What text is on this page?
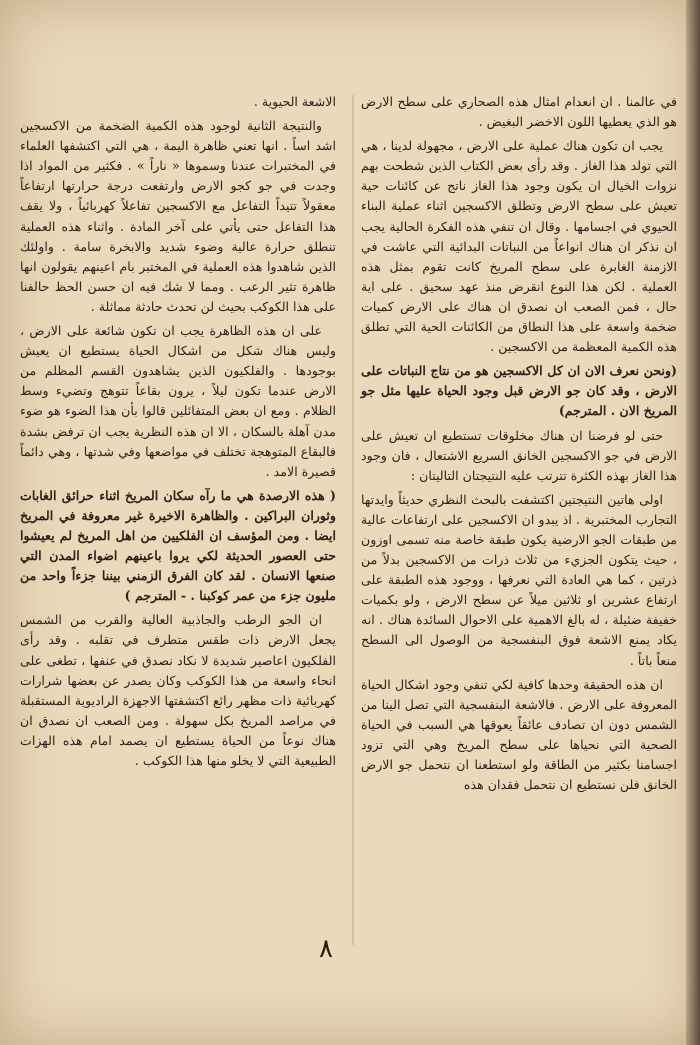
في عالمنا . ان انعدام امثال هذه الصحاري على سطح الارض هو الذي يعطيها اللون الاخضر البغيض .

يجب ان تكون هناك عملية على الارض ، مجهولة لدينا ، هي التي تولد هذا الغاز . وقد رأى بعض الكتاب الذين شطحت بهم نزوات الخيال ان يكون وجود هذا الغاز ناتج عن كائنات حية تعيش على سطح الارض وتطلق الاكسجين اثناء عملية البناء الحيوي في اجسامها . وقال ان تنفي هذه الفكرة الحالية يجب ان نذكر ان هناك انواعاً من النباتات البدائية التي عاشت في الازمنة الغابرة على سطح المريخ كانت تقوم بمثل هذه العملية . لكن هذا النوع انقرض منذ عهد سحيق . على اية حال ، فمن الصعب ان نصدق ان هناك على الارض كميات ضخمة واسعة على هذا النطاق من الكائنات الحية التي تطلق هذه الكمية المعظمة من الاكسجين .

(ونحن نعرف الان ان كل الاكسجين هو من نتاج النباتات على الارض ، وقد كان جو الارض قبل وجود الحياة عليها مثل جو المريخ الان . المترجم)

حتى لو فرضنا ان هناك مخلوقات تستطيع ان تعيش على الارض في جو الاكسجين الخانق السريع الاشتعال ، فان وجود هذا الغاز بهذه الكثرة تترتب عليه النتيجتان التاليتان :

اولى هاتين النتيجتين اكتشفت بالبحث النظري حديثاً وايدتها التجارب المختبرية . اذ يبدو ان الاكسجين على ارتفاعات عالية من طبقات الجو الارضية يكون طبقة خاصة منه تسمى اوزون ، حيث يتكون الجزيء من ثلاث ذرات من الاكسجين بدلاً من ذرتين ، كما هي العادة التي نعرفها ، ووجود هذه الطبقة على ارتفاع عشرين او ثلاثين ميلاً عن سطح الارض ، ولو بكميات خفيفة ضئيلة ، له بالغ الاهمية على الاحوال السائدة هناك . انه يكاد يمنع الاشعة فوق البنفسجية من الوصول الى السطح منعاً باتاً .

ان هذه الحقيقة وحدها كافية لكي تنفي وجود اشكال الحياة المعروفة على الارض . فالاشعة البنفسجية التي تصل الينا من الشمس دون ان تصادف عائقاً يعوقها هي السبب في الحياة الصحية التي نحياها على سطح المريخ وهي التي تزود اجسامنا بكثير من الطاقة ولو استطعنا ان نتحمل جو الارض الخانق فلن نستطيع ان نتحمل فقدان هذه

الاشعة الحيوية .

والنتيجة الثانية لوجود هذه الكمية الضخمة من الاكسجين اشد اساً . انها تعني ظاهرة اليمة ، هي التي اكتشفها العلماء في المختبرات عندنا وسموها « ناراً » . فكثير من المواد اذا وجدت في جو كجو الارض وارتفعت درجة حرارتها ارتفاعاً معقولاً تتيداً التفاعل مع الاكسجين تفاعلاً كهربائياً ، ولا يقف هذا التفاعل حتى يأتي على آخر المادة . واثناء هذه العملية تنطلق حرارة عالية وضوء شديد والابخرة سامة . واولئك الذين شاهدوا هذه العملية في المختبر بام اعينهم يقولون انها ظاهرة تثير الرعب . ومما لا شك فيه ان حسن الحظ حالفنا على هذا الكوكب بحيث لن تحدث حادثة مماثلة .

على ان هذه الظاهرة يجب ان تكون شائعة على الارض ، وليس هناك شكل من اشكال الحياة يستطيع ان يعيش بوجودها . والفلكيون الذين يشاهدون القسم المظلم من الارض عندما تكون ليلاً ، يرون بقاعاً تتوهج وتضيء وسط الظلام . ومع ان بعض المتفائلين قالوا بأن هذا الضوء هو ضوء مدن آهلة بالسكان ، الا ان هذه النظرية يجب ان ترفض بشدة فالبقاع المتوهجة تختلف في مواضعها وفي شدتها ، وهي دائماً قصيرة الامد .

( هذه الارصدة هي ما رآه سكان المريخ اثناء حرائق الغابات وثوران البراكين . والظاهرة الاخيرة غير معروفة في المريخ ايضا . ومن المؤسف ان الفلكيين من اهل المريخ لم يعيشوا حتى العصور الحديثة لكي يروا باعينهم اضواء المدن التي صنعها الانسان . لقد كان الفرق الزمني بيننا جزءاً واحد من مليون جزء من عمر كوكبنا . - المترجم )

ان الجو الرطب والجاذبية العالية والقرب من الشمس يجعل الارض ذات طقس متطرف في تقلبه . وقد رأى الفلكيون اعاصير شديدة لا نكاد نصدق في عنفها ، تطغى على انحاء واسعة من هذا الكوكب وكان يصدر عن بعضها شرارات كهربائية ذات مظهر رائع اكتشفتها الاجهزة الراديوية المستقبلة في مراصد المريخ بكل سهولة . ومن الصعب ان نصدق ان هناك نوعاً من الحياة يستطيع ان يصمد امام هذه الهزات الطبيعية التي لا يخلو منها هذا الكوكب .

٨
